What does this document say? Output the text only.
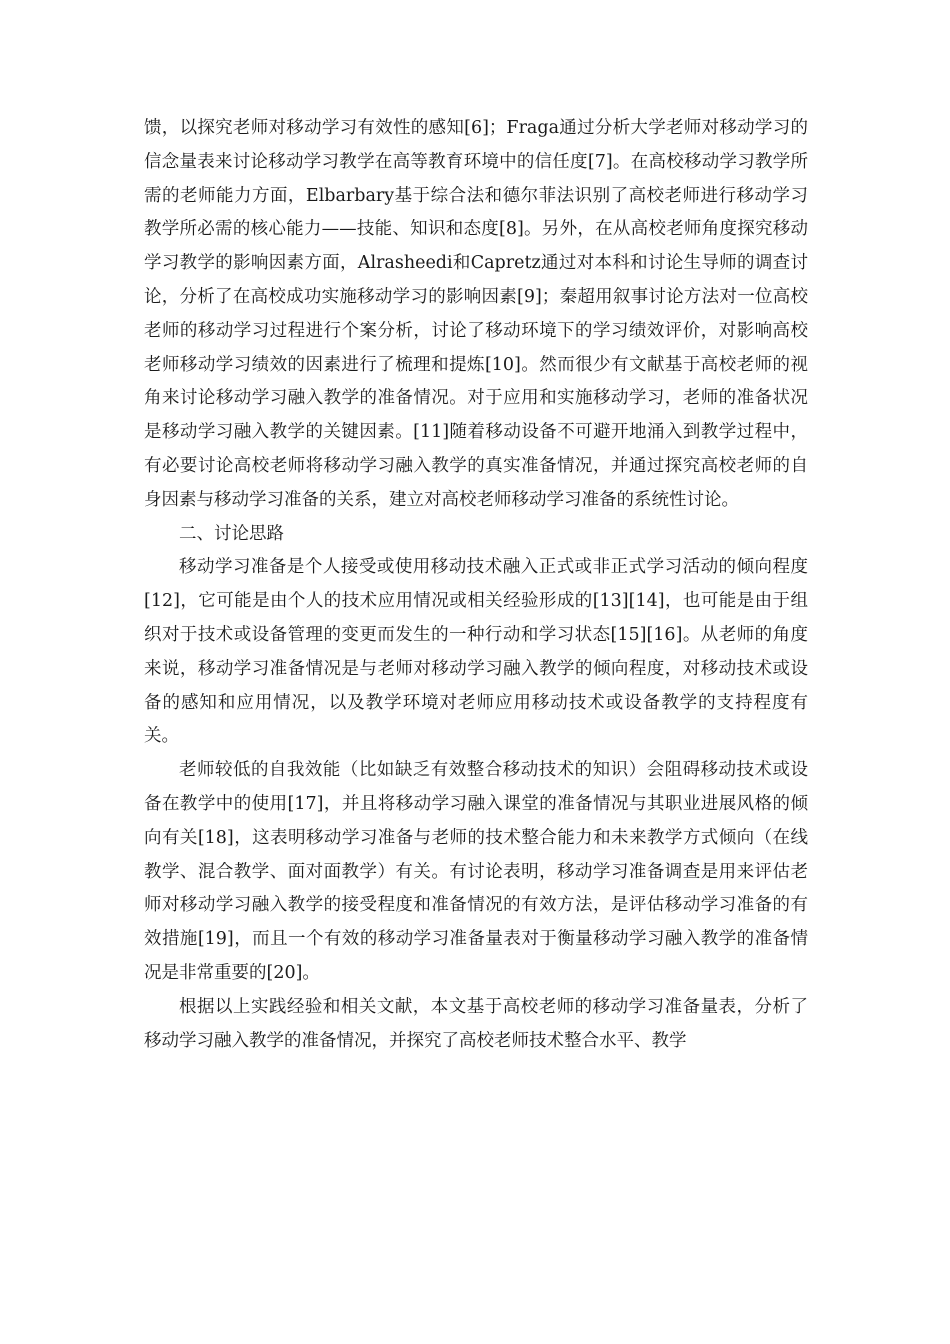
馈，以探究老师对移动学习有效性的感知[6]；Fraga通过分析大学老师对移动学习的信念量表来讨论移动学习教学在高等教育环境中的信任度[7]。在高校移动学习教学所需的老师能力方面，Elbarbary基于综合法和德尔菲法识别了高校老师进行移动学习教学所必需的核心能力——技能、知识和态度[8]。另外，在从高校老师角度探究移动学习教学的影响因素方面，Alrasheedi和Capretz通过对本科和讨论生导师的调查讨论，分析了在高校成功实施移动学习的影响因素[9]；秦超用叙事讨论方法对一位高校老师的移动学习过程进行个案分析，讨论了移动环境下的学习绩效评价，对影响高校老师移动学习绩效的因素进行了梳理和提炼[10]。然而很少有文献基于高校老师的视角来讨论移动学习融入教学的准备情况。对于应用和实施移动学习，老师的准备状况是移动学习融入教学的关键因素。[11]随着移动设备不可避开地涌入到教学过程中，有必要讨论高校老师将移动学习融入教学的真实准备情况，并通过探究高校老师的自身因素与移动学习准备的关系，建立对高校老师移动学习准备的系统性讨论。

二、讨论思路

移动学习准备是个人接受或使用移动技术融入正式或非正式学习活动的倾向程度[12]，它可能是由个人的技术应用情况或相关经验形成的[13][14]，也可能是由于组织对于技术或设备管理的变更而发生的一种行动和学习状态[15][16]。从老师的角度来说，移动学习准备情况是与老师对移动学习融入教学的倾向程度，对移动技术或设备的感知和应用情况，以及教学环境对老师应用移动技术或设备教学的支持程度有关。

老师较低的自我效能（比如缺乏有效整合移动技术的知识）会阻碍移动技术或设备在教学中的使用[17]，并且将移动学习融入课堂的准备情况与其职业进展风格的倾向有关[18]，这表明移动学习准备与老师的技术整合能力和未来教学方式倾向（在线教学、混合教学、面对面教学）有关。有讨论表明，移动学习准备调查是用来评估老师对移动学习融入教学的接受程度和准备情况的有效方法，是评估移动学习准备的有效措施[19]，而且一个有效的移动学习准备量表对于衡量移动学习融入教学的准备情况是非常重要的[20]。

根据以上实践经验和相关文献，本文基于高校老师的移动学习准备量表，分析了移动学习融入教学的准备情况，并探究了高校老师技术整合水平、教学
